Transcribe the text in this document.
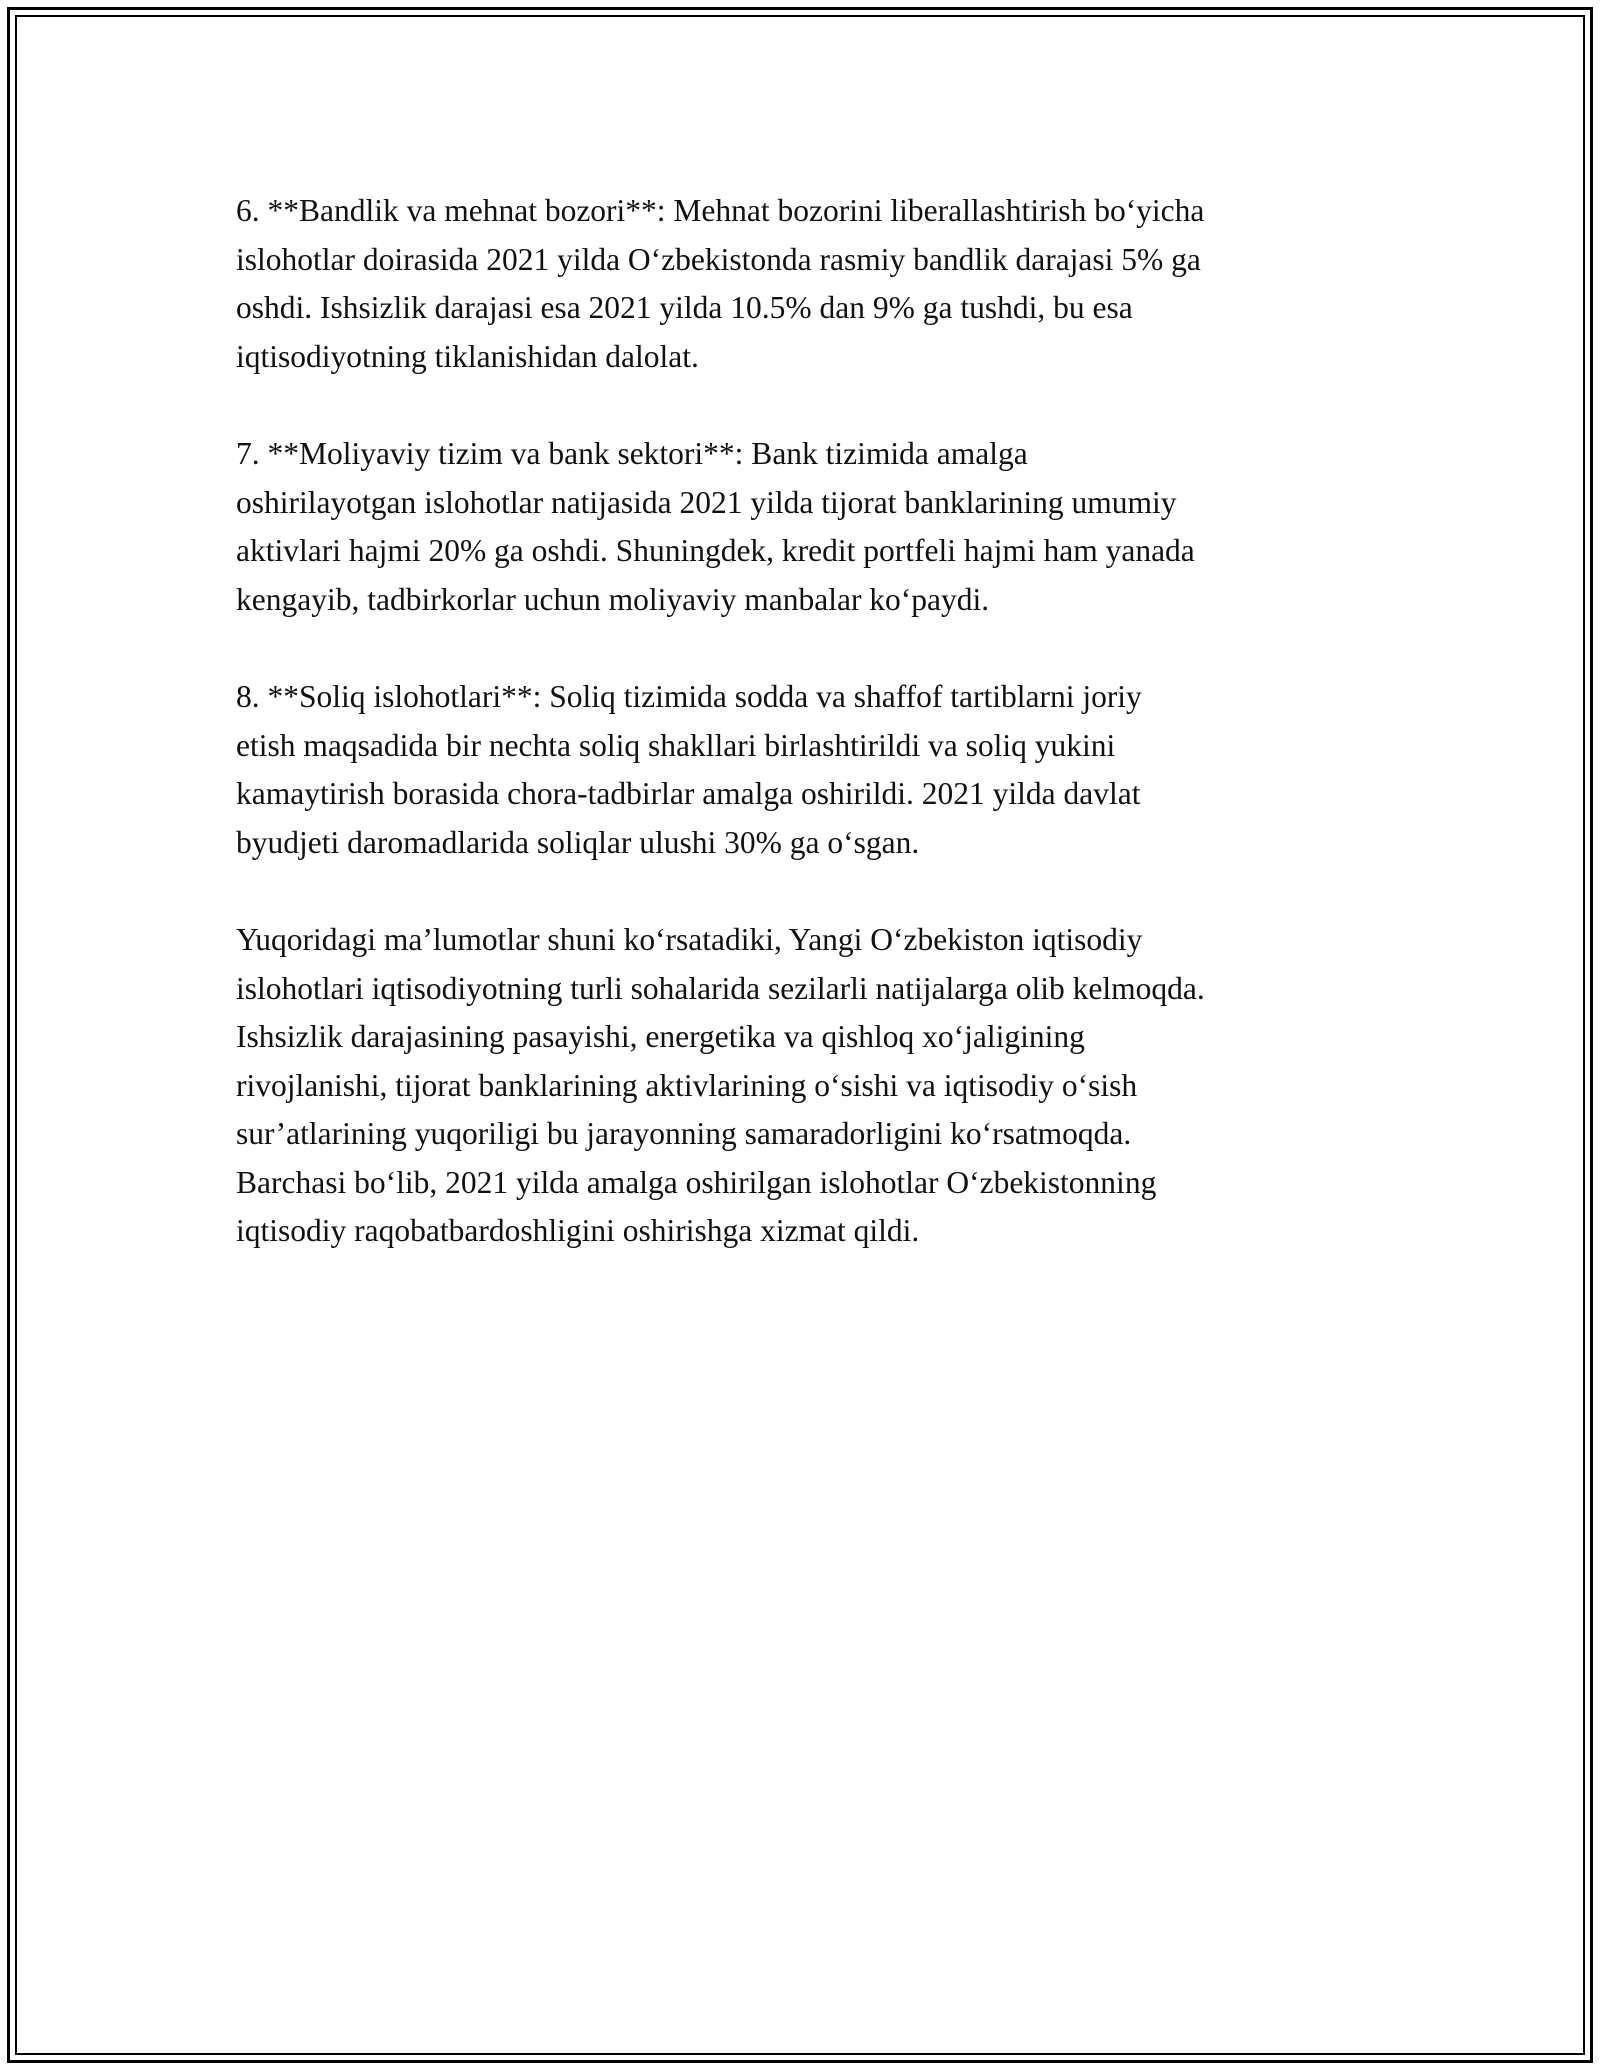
6. **Bandlik va mehnat bozori**: Mehnat bozorini liberallashtirish bo‘yicha
islohotlar doirasida 2021 yilda O‘zbekistonda rasmiy bandlik darajasi 5% ga
oshdi. Ishsizlik darajasi esa 2021 yilda 10.5% dan 9% ga tushdi, bu esa
iqtisodiyotning tiklanishidan dalolat.

7. **Moliyaviy tizim va bank sektori**: Bank tizimida amalga
oshirilayotgan islohotlar natijasida 2021 yilda tijorat banklarining umumiy
aktivlari hajmi 20% ga oshdi. Shuningdek, kredit portfeli hajmi ham yanada
kengayib, tadbirkorlar uchun moliyaviy manbalar ko‘paydi.

8. **Soliq islohotlari**: Soliq tizimida sodda va shaffof tartiblarni joriy
etish maqsadida bir nechta soliq shakllari birlashtirildi va soliq yukini
kamaytirish borasida chora-tadbirlar amalga oshirildi. 2021 yilda davlat
byudjeti daromadlarida soliqlar ulushi 30% ga o‘sgan.

Yuqoridagi ma’lumotlar shuni ko‘rsatadiki, Yangi O‘zbekiston iqtisodiy
islohotlari iqtisodiyotning turli sohalarida sezilarli natijalarga olib kelmoqda.
Ishsizlik darajasining pasayishi, energetika va qishloq xo‘jaligining
rivojlanishi, tijorat banklarining aktivlarining o‘sishi va iqtisodiy o‘sish
sur’atlarining yuqoriligi bu jarayonning samaradorligini ko‘rsatmoqda.
Barchasi bo‘lib, 2021 yilda amalga oshirilgan islohotlar O‘zbekistonning
iqtisodiy raqobatbardoshligini oshirishga xizmat qildi.
